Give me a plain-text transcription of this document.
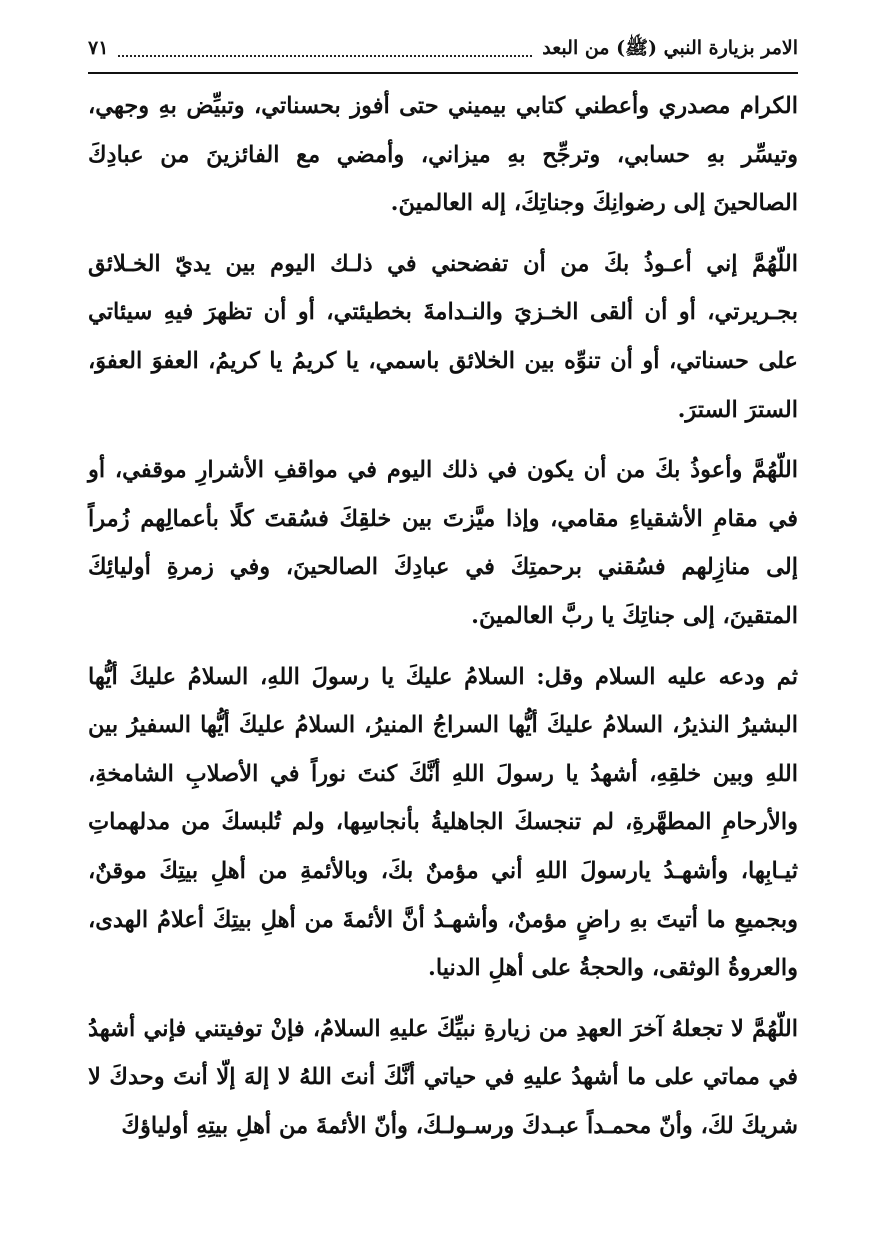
الامر بزيارة النبي (ﷺ) من البعد
٧١

الكرام مصدري وأعطني كتابي بيميني حتى أفوز بحسناتي، وتبيِّض بهِ وجهي، وتيسِّر بهِ حسابي، وترجِّح بهِ ميزاني، وأمضي مع الفائزينَ من عبادِكَ الصالحينَ إلى رضوانِكَ وجناتِكَ، إله العالمينَ.

اللّهُمَّ إني أعـوذُ بكَ من أن تفضحني في ذلـك اليوم بين يديّ الخـلائق بجـريرتي، أو أن ألقى الخـزيَ والنـدامةَ بخطيئتي، أو أن تظهرَ فيهِ سيئاتي على حسناتي، أو أن تنوِّه بين الخلائق باسمي، يا كريمُ يا كريمُ، العفوَ العفوَ، السترَ السترَ.

اللّهُمَّ وأعوذُ بكَ من أن يكون في ذلك اليوم في مواقفِ الأشرارِ موقفي، أو في مقامِ الأشقياءِ مقامي، وإذا ميَّزتَ بين خلقِكَ فسُقتَ كلًا بأعمالِهم زُمراً إلى منازِلهم فسُقني برحمتِكَ في عبادِكَ الصالحينَ، وفي زمرةِ أوليائِكَ المتقينَ، إلى جناتِكَ يا ربَّ العالمينَ.

ثم ودعه عليه السلام وقل: السلامُ عليكَ يا رسولَ اللهِ، السلامُ عليكَ أيُّها البشيرُ النذيرُ، السلامُ عليكَ أيُّها السراجُ المنيرُ، السلامُ عليكَ أيُّها السفيرُ بين اللهِ وبين خلقِهِ، أشهدُ يا رسولَ اللهِ أنَّكَ كنتَ نوراً في الأصلابِ الشامخةِ، والأرحامِ المطهَّرةِ، لم تنجسكَ الجاهليةُ بأنجاسِها، ولم تُلبسكَ من مدلهماتِ ثيـابِها، وأشهـدُ يارسولَ اللهِ أني مؤمنٌ بكَ، وبالأئمةِ من أهلِ بيتِكَ موقنٌ، وبجميعِ ما أتيتَ بهِ راضٍ مؤمنٌ، وأشهـدُ أنَّ الأئمةَ من أهلِ بيتِكَ أعلامُ الهدى، والعروةُ الوثقى، والحجةُ على أهلِ الدنيا.

اللّهُمَّ لا تجعلهُ آخرَ العهدِ من زيارةِ نبيِّكَ عليهِ السلامُ، فإنْ توفيتني فإني أشهدُ في مماتي على ما أشهدُ عليهِ في حياتي أنَّكَ أنتَ اللهُ لا إلهَ إلّا أنتَ وحدكَ لا شريكَ لكَ، وأنّ محمـداً عبـدكَ ورسـولـكَ، وأنّ الأئمةَ من أهلِ بيتِهِ أولياؤكَ
